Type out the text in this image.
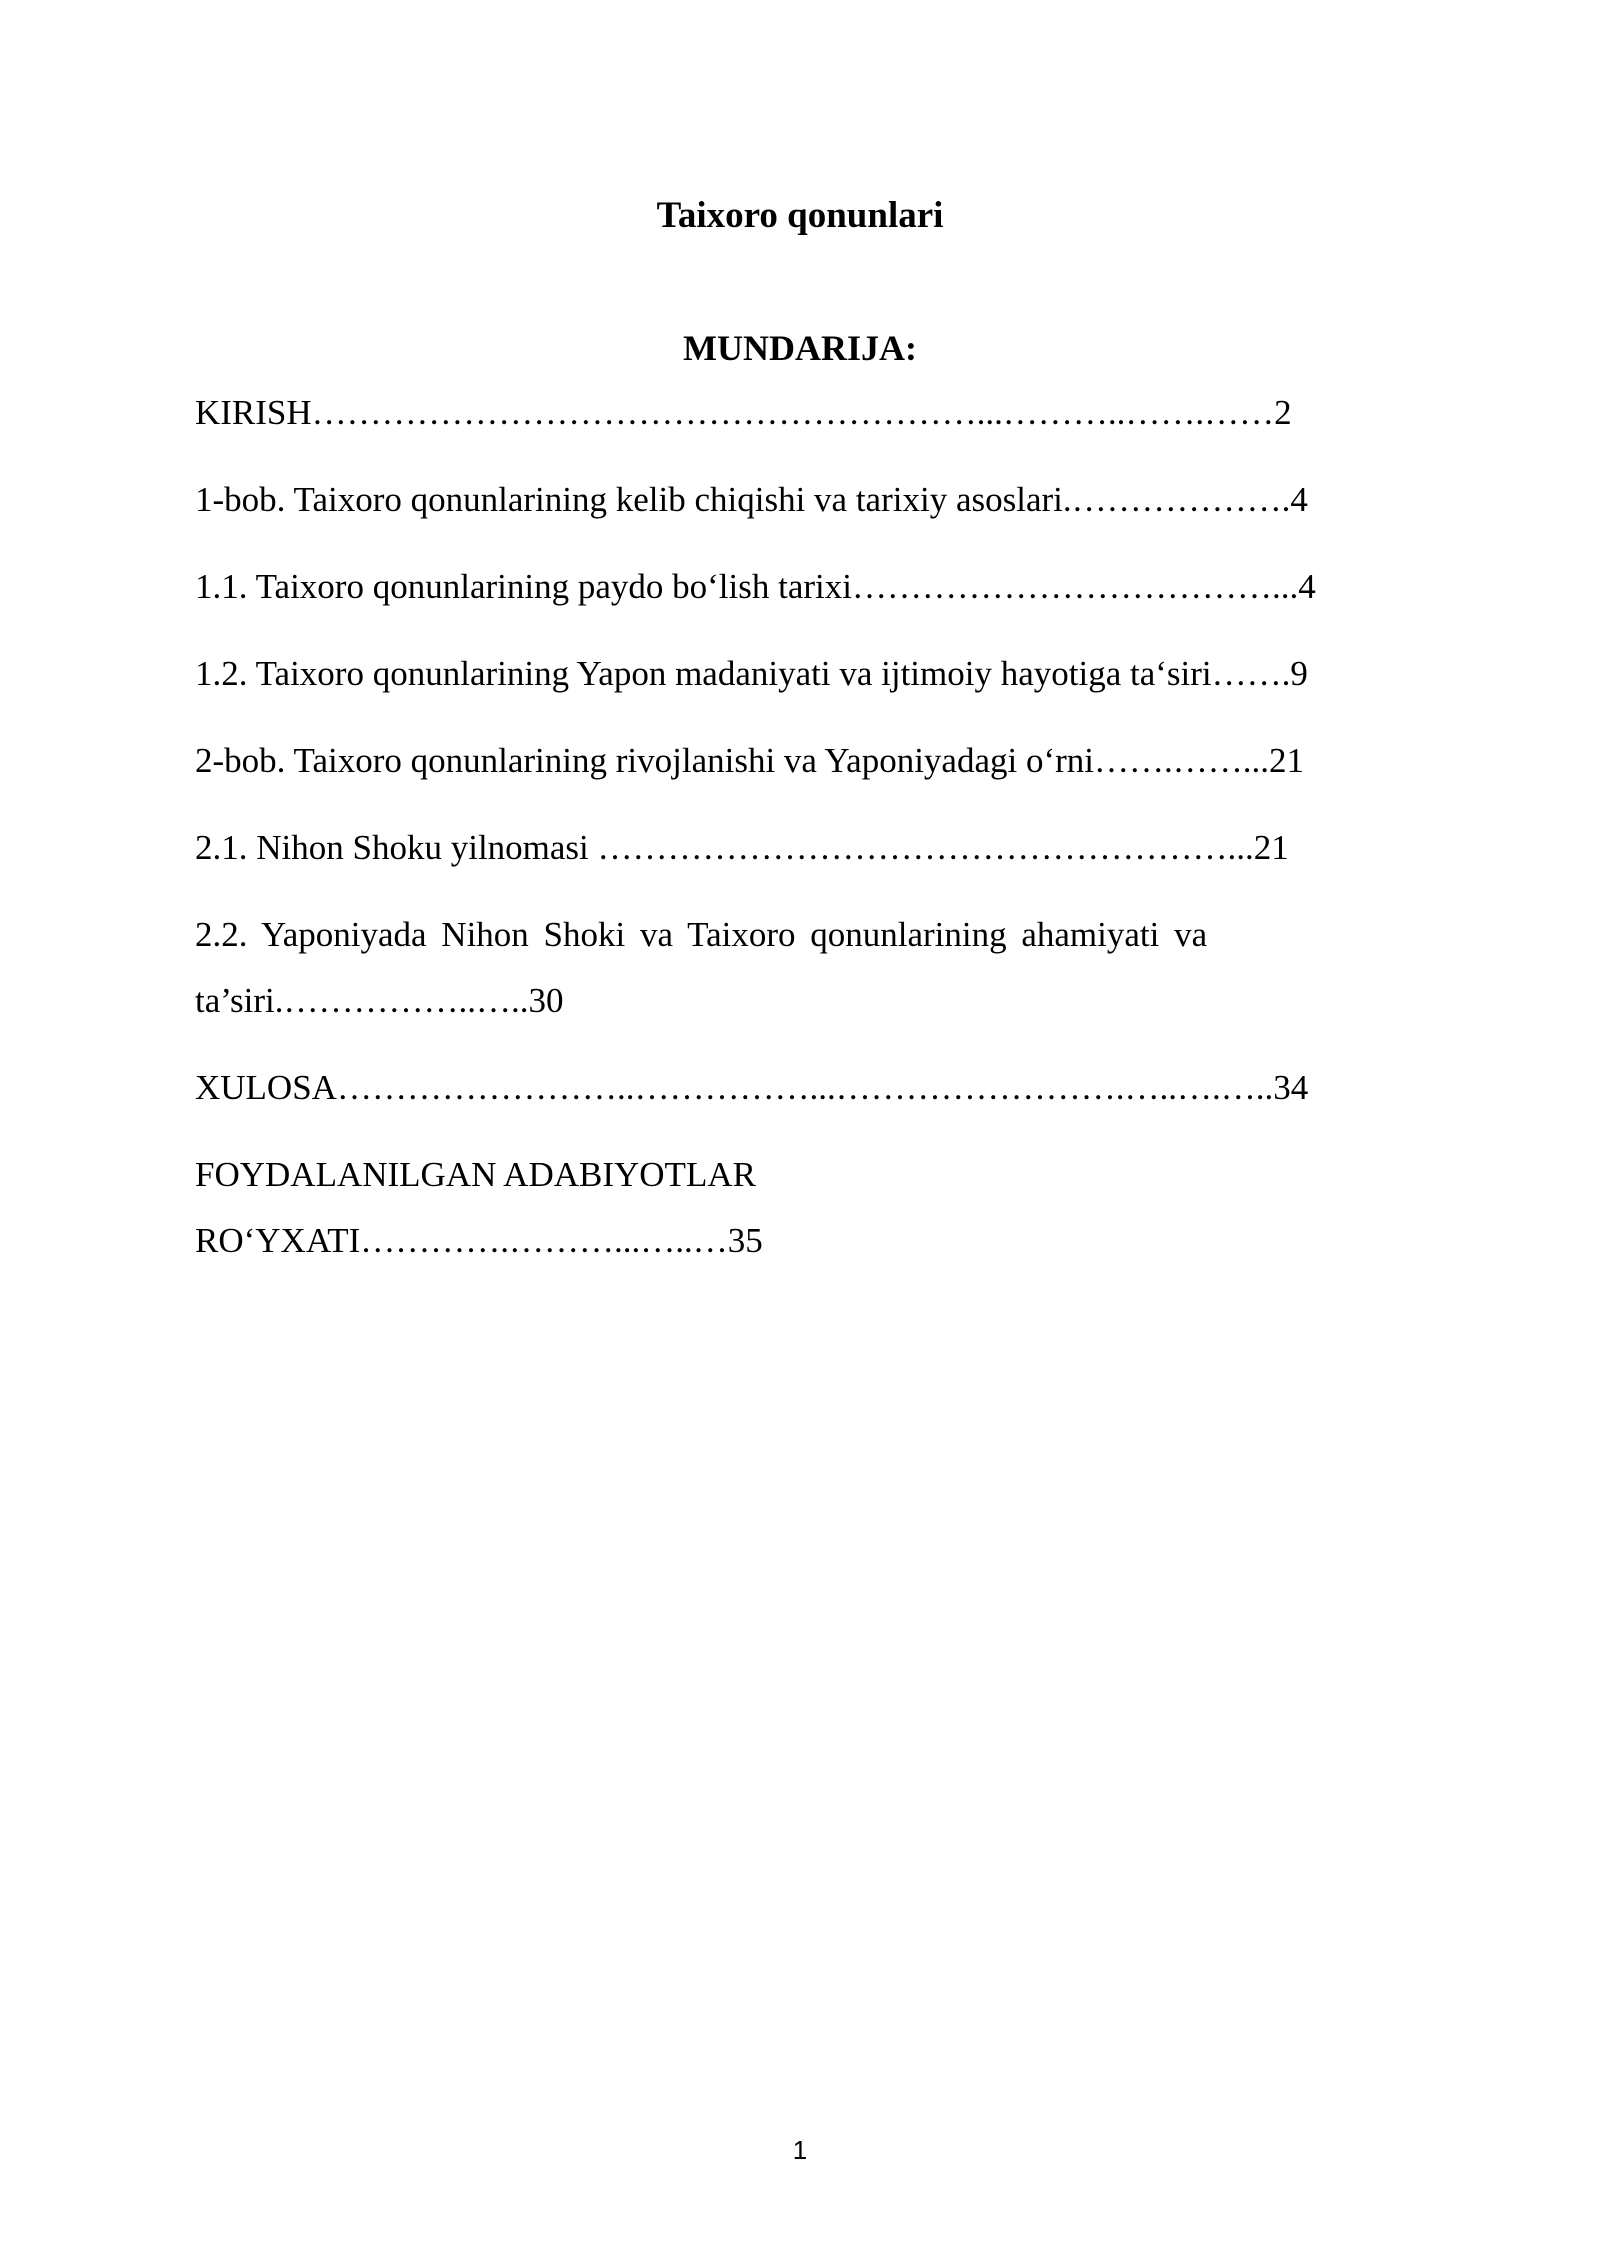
Taixoro qonunlari
MUNDARIJA:

KIRISH…………………………………………………...………..…….……2

1-bob. Taixoro qonunlarining kelib chiqishi va tarixiy asoslari.……………….4

1.1. Taixoro qonunlarining paydo bo‘lish tarixi………………………………...4

1.2. Taixoro qonunlarining Yapon madaniyati va ijtimoiy hayotiga ta‘siri…….9

2-bob. Taixoro qonunlarining rivojlanishi va Yaponiyadagi o‘rni…….……...21

2.1. Nihon Shoku yilnomasi ………………………………………………...21

2.2. Yaponiyada Nihon Shoki va Taixoro qonunlarining ahamiyati va

ta’siri.……………..…..30

XULOSA……………………..……………...…………………….…..….…..34

FOYDALANILGAN ADABIYOTLAR

RO‘YXATI………….………...…..…35

1
